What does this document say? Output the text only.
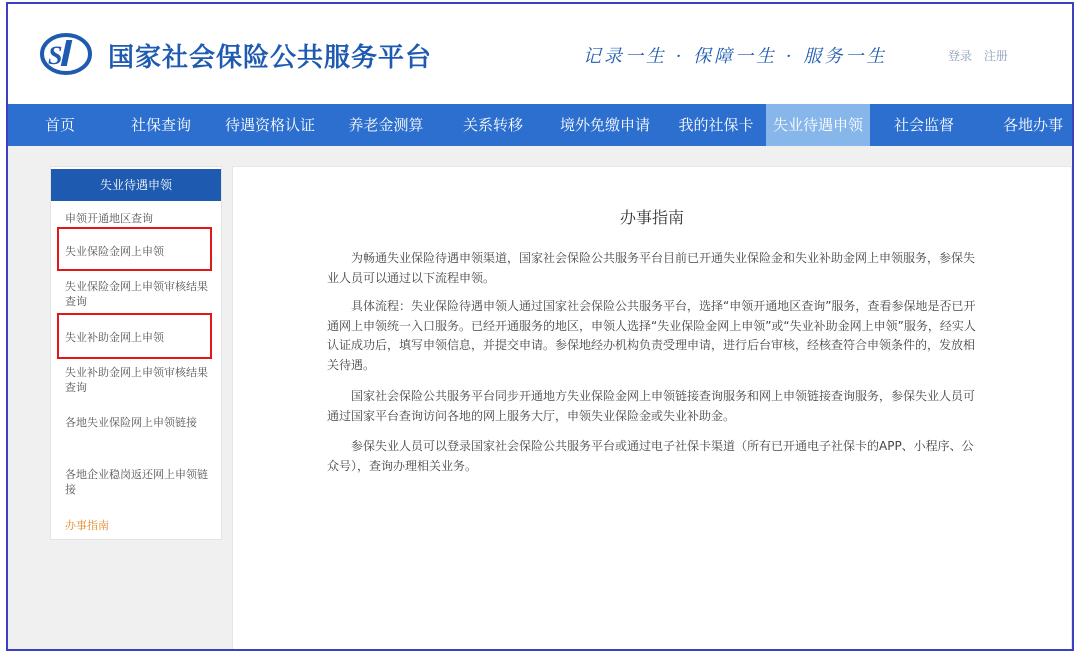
S 国家社会保险公共服务平台	记录一生 · 保障一生 · 服务一生	登录 注册
首页	社保查询	待遇资格认证	养老金测算	关系转移	境外免缴申请	我的社保卡	失业待遇申领	社会监督	各地办事
失业待遇申领
申领开通地区查询
失业保险金网上申领
失业保险金网上申领审核结果查询
失业补助金网上申领
失业补助金网上申领审核结果查询
各地失业保险网上申领链接
各地企业稳岗返还网上申领链接
办事指南
办事指南

为畅通失业保险待遇申领渠道，国家社会保险公共服务平台目前已开通失业保险金和失业补助金网上申领服务，参保失业人员可以通过以下流程申领。

具体流程：失业保险待遇申领人通过国家社会保险公共服务平台，选择“申领开通地区查询”服务，查看参保地是否已开通网上申领统一入口服务。已经开通服务的地区，申领人选择“失业保险金网上申领”或“失业补助金网上申领”服务，经实人认证成功后，填写申领信息，并提交申请。参保地经办机构负责受理申请，进行后台审核，经核查符合申领条件的，发放相关待遇。

国家社会保险公共服务平台同步开通地方失业保险金网上申领链接查询服务和网上申领链接查询服务，参保失业人员可通过国家平台查询访问各地的网上服务大厅，申领失业保险金或失业补助金。

参保失业人员可以登录国家社会保险公共服务平台或通过电子社保卡渠道（所有已开通电子社保卡的APP、小程序、公众号），查询办理相关业务。
